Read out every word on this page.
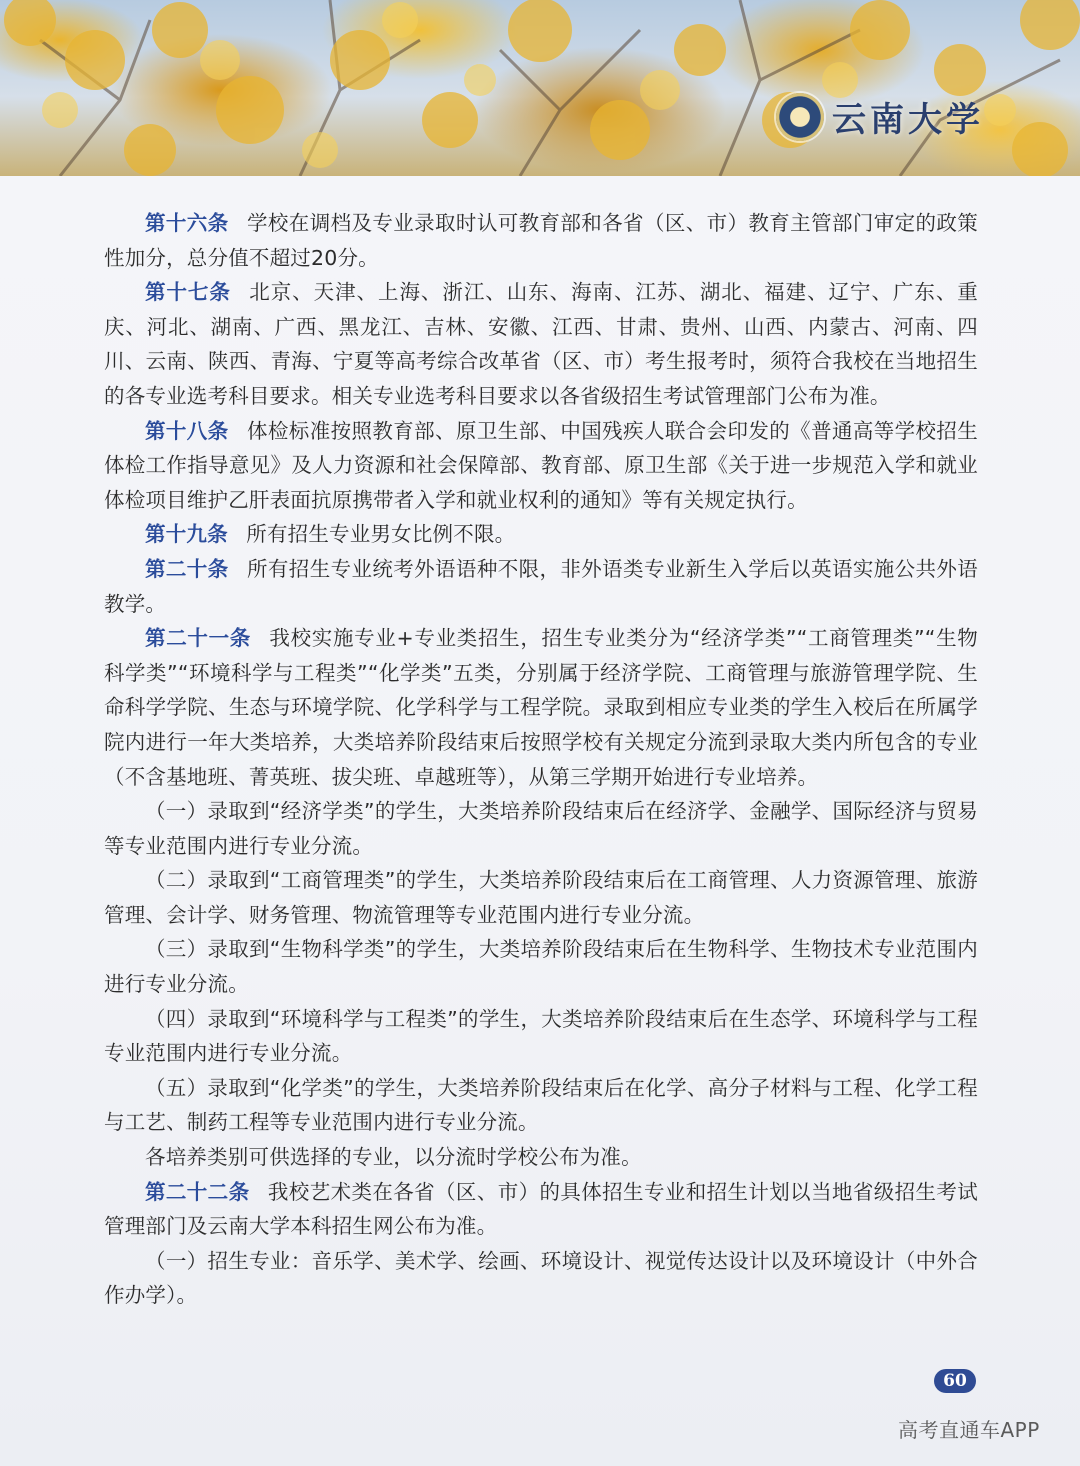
云南大学

第十六条 学校在调档及专业录取时认可教育部和各省（区、市）教育主管部门审定的政策性加分，总分值不超过20分。

第十七条 北京、天津、上海、浙江、山东、海南、江苏、湖北、福建、辽宁、广东、重庆、河北、湖南、广西、黑龙江、吉林、安徽、江西、甘肃、贵州、山西、内蒙古、河南、四川、云南、陕西、青海、宁夏等高考综合改革省（区、市）考生报考时，须符合我校在当地招生的各专业选考科目要求。相关专业选考科目要求以各省级招生考试管理部门公布为准。

第十八条 体检标准按照教育部、原卫生部、中国残疾人联合会印发的《普通高等学校招生体检工作指导意见》及人力资源和社会保障部、教育部、原卫生部《关于进一步规范入学和就业体检项目维护乙肝表面抗原携带者入学和就业权利的通知》等有关规定执行。

第十九条 所有招生专业男女比例不限。

第二十条 所有招生专业统考外语语种不限，非外语类专业新生入学后以英语实施公共外语教学。

第二十一条 我校实施专业+专业类招生，招生专业类分为“经济学类”“工商管理类”“生物科学类”“环境科学与工程类”“化学类”五类，分别属于经济学院、工商管理与旅游管理学院、生命科学学院、生态与环境学院、化学科学与工程学院。录取到相应专业类的学生入校后在所属学院内进行一年大类培养，大类培养阶段结束后按照学校有关规定分流到录取大类内所包含的专业（不含基地班、菁英班、拔尖班、卓越班等），从第三学期开始进行专业培养。

（一）录取到“经济学类”的学生，大类培养阶段结束后在经济学、金融学、国际经济与贸易等专业范围内进行专业分流。

（二）录取到“工商管理类”的学生，大类培养阶段结束后在工商管理、人力资源管理、旅游管理、会计学、财务管理、物流管理等专业范围内进行专业分流。

（三）录取到“生物科学类”的学生，大类培养阶段结束后在生物科学、生物技术专业范围内进行专业分流。

（四）录取到“环境科学与工程类”的学生，大类培养阶段结束后在生态学、环境科学与工程专业范围内进行专业分流。

（五）录取到“化学类”的学生，大类培养阶段结束后在化学、高分子材料与工程、化学工程与工艺、制药工程等专业范围内进行专业分流。

各培养类别可供选择的专业，以分流时学校公布为准。

第二十二条 我校艺术类在各省（区、市）的具体招生专业和招生计划以当地省级招生考试管理部门及云南大学本科招生网公布为准。

（一）招生专业：音乐学、美术学、绘画、环境设计、视觉传达设计以及环境设计（中外合作办学）。

60
高考直通车APP
